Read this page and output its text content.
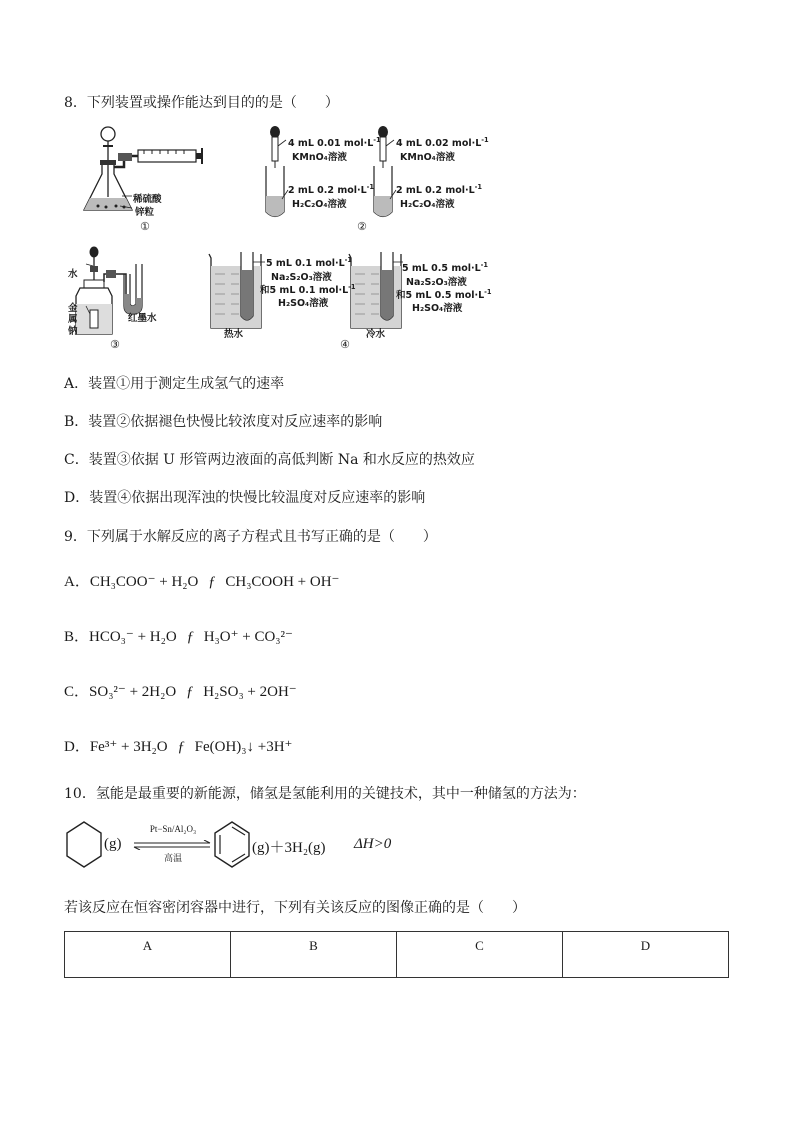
8．下列装置或操作能达到目的的是（　　）
稀硫酸
锌粒
①
4 mL 0.01 $mol\cdot L^{-1}$
KMnO₄溶液
2 mL 0.2 $mol\cdot L^{-1}$
H₂C₂O₄溶液
4 mL 0.02 $mol\cdot L^{-1}$
KMnO₄溶液
2 mL 0.2 $mol\cdot L^{-1}$
H₂C₂O₄溶液
②
水
金
属
钠
红墨水
③
5 mL 0.1 $mol\cdot L^{-1}$
Na₂S₂O₃溶液
和5 mL 0.1 $mol\cdot L^{-1}$
H₂SO₄溶液
热水
5 mL 0.5 $mol\cdot L^{-1}$
Na₂S₂O₃溶液
和5 mL 0.5 $mol\cdot L^{-1}$
H₂SO₄溶液
冷水
④
A．装置①用于测定生成氢气的速率
B．装置②依据褪色快慢比较浓度对反应速率的影响
C．装置③依据 U 形管两边液面的高低判断 Na 和水反应的热效应
D．装置④依据出现浑浊的快慢比较温度对反应速率的影响
9．下列属于水解反应的离子方程式且书写正确的是（　　）
A．CH₃COO⁻ + H₂O ƒ CH₃COOH + OH⁻
B．HCO₃⁻ + H₂O ƒ H₃O⁺ + CO₃²⁻
C．SO₃²⁻ + 2H₂O ƒ H₂SO₃ + 2OH⁻
D．Fe³⁺ + 3H₂O ƒ Fe(OH)₃↓ +3H⁺
10．氢能是最重要的新能源，储氢是氢能利用的关键技术，其中一种储氢的方法为：
(g)
Pt−Sn/Al₂O₃
高温
(g)＋3H₂(g) ΔH>0
若该反应在恒容密闭容器中进行，下列有关该反应的图像正确的是（　　）
A	B	C	D
